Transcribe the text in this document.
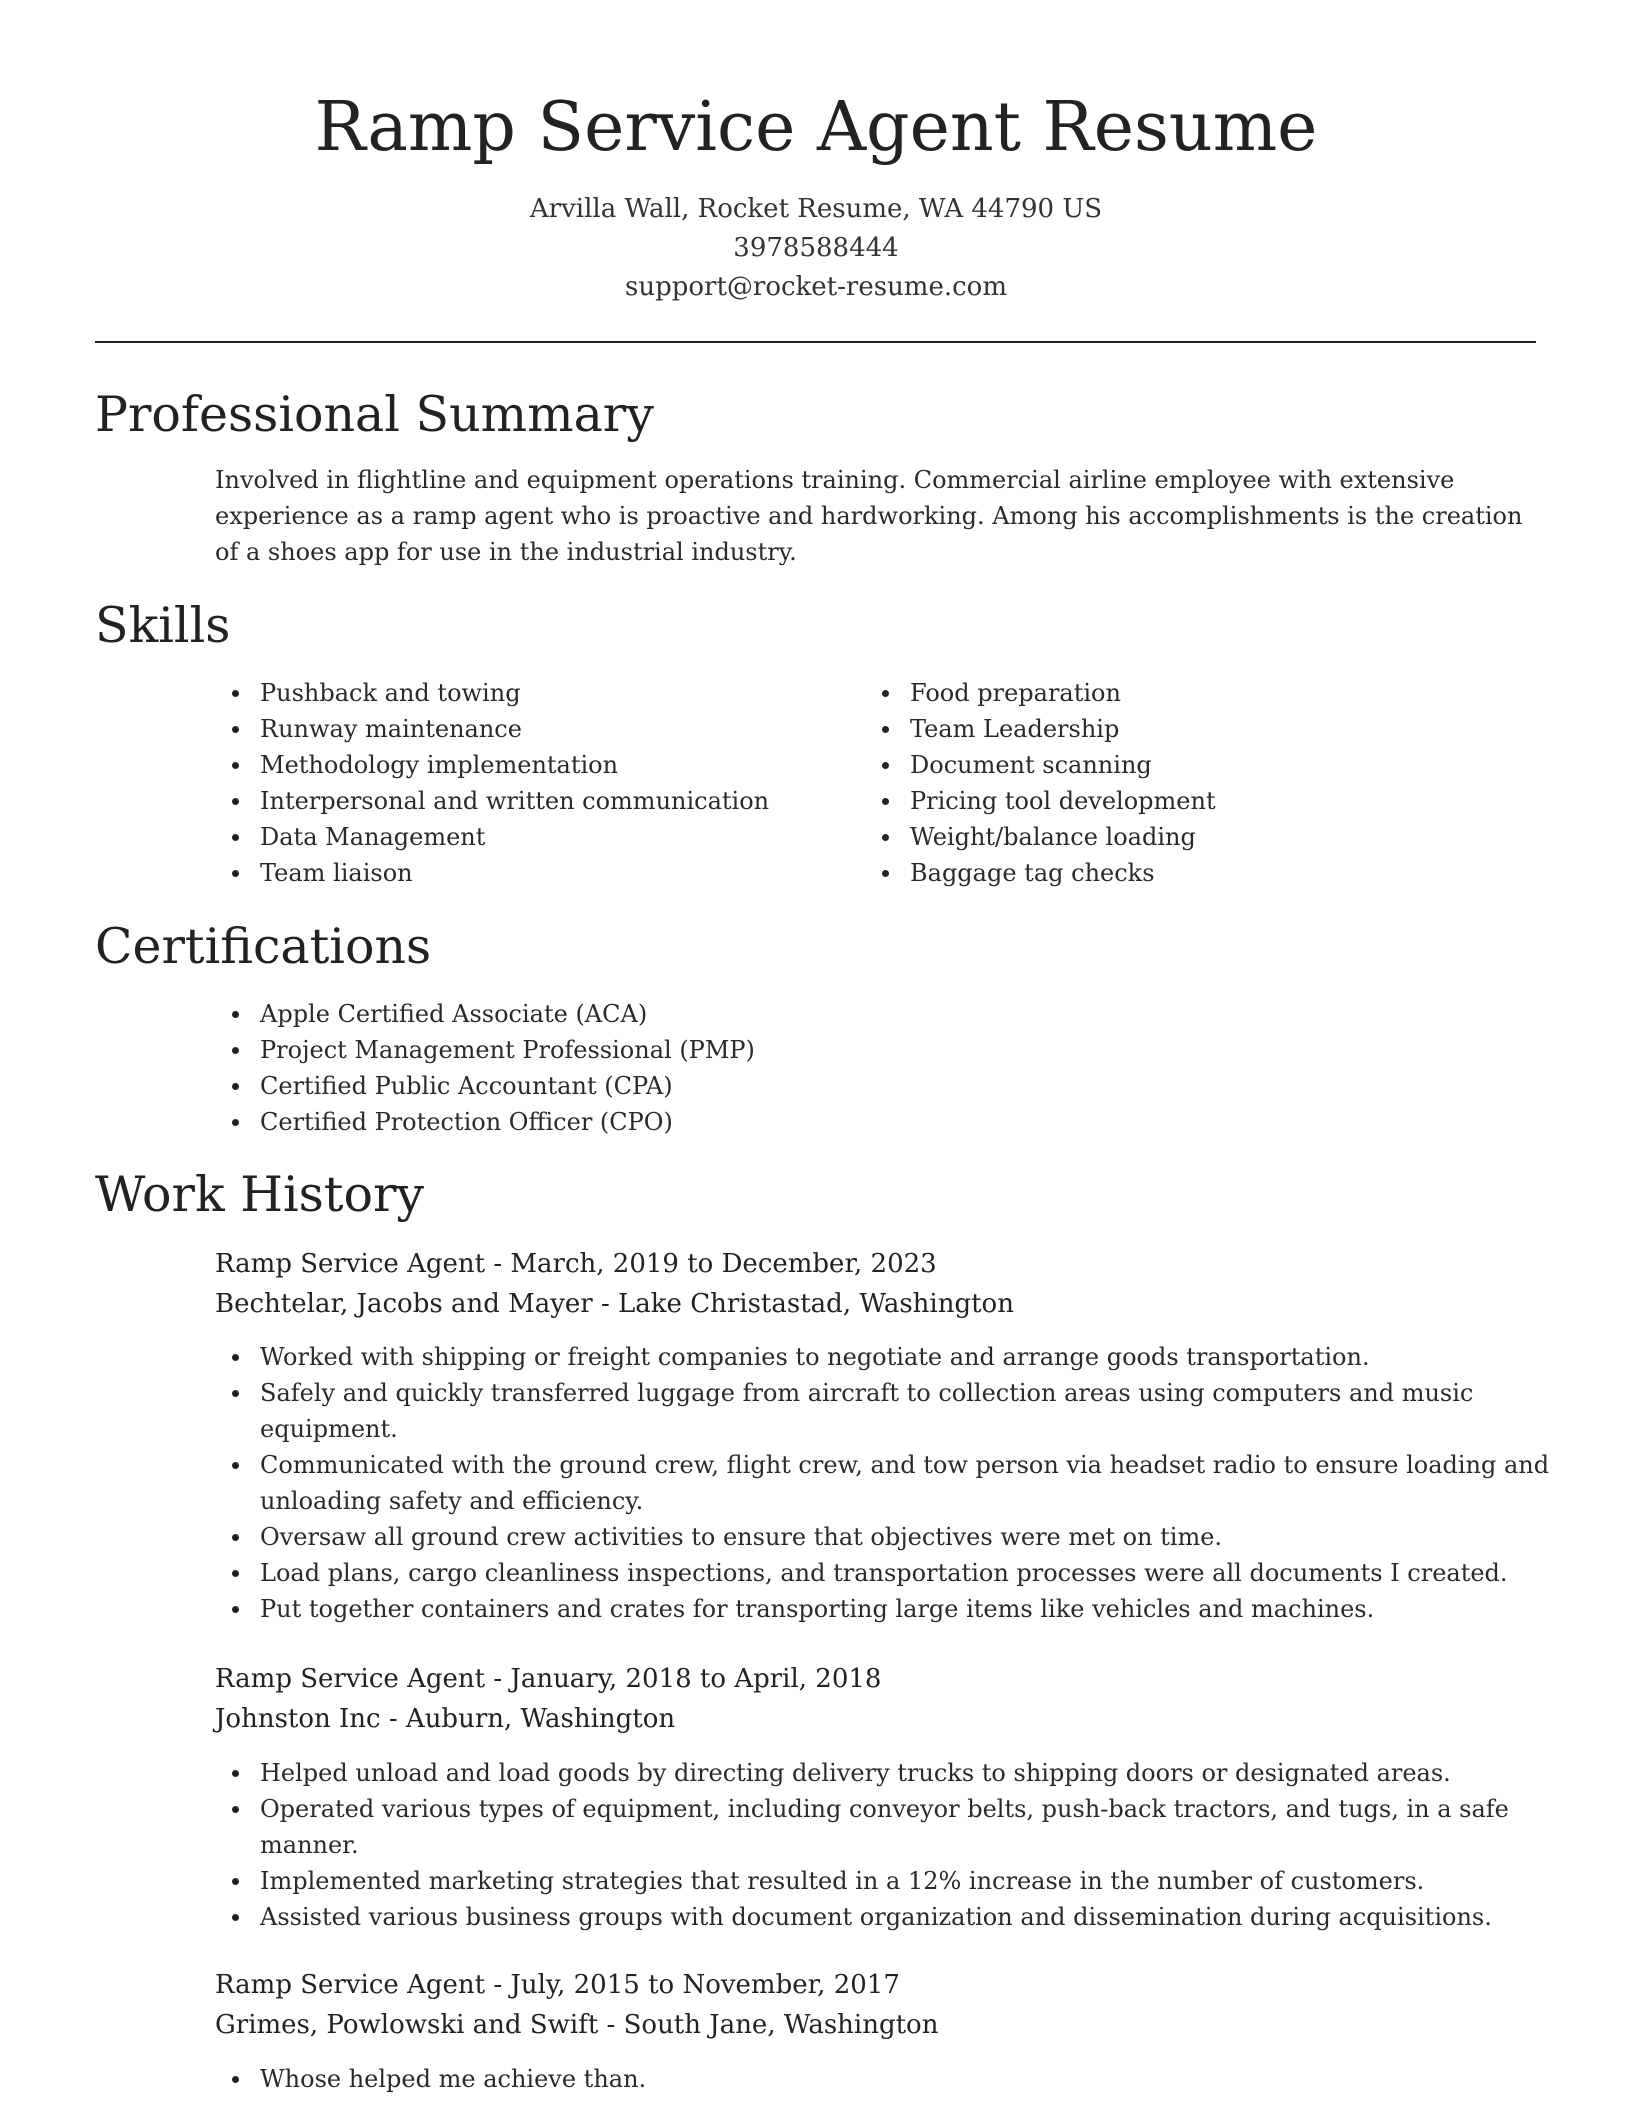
Ramp Service Agent Resume
Arvilla Wall, Rocket Resume, WA 44790 US
3978588444
support@rocket-resume.com
Professional Summary

Involved in flightline and equipment operations training. Commercial airline employee with extensive experience as a ramp agent who is proactive and hardworking. Among his accomplishments is the creation of a shoes app for use in the industrial industry.

Skills
Pushback and towing
Runway maintenance
Methodology implementation
Interpersonal and written communication
Data Management
Team liaison
Food preparation
Team Leadership
Document scanning
Pricing tool development
Weight/balance loading
Baggage tag checks
Certifications
Apple Certified Associate (ACA)
Project Management Professional (PMP)
Certified Public Accountant (CPA)
Certified Protection Officer (CPO)
Work History
Ramp Service Agent - March, 2019 to December, 2023
Bechtelar, Jacobs and Mayer - Lake Christastad, Washington
Worked with shipping or freight companies to negotiate and arrange goods transportation.
Safely and quickly transferred luggage from aircraft to collection areas using computers and music equipment.
Communicated with the ground crew, flight crew, and tow person via headset radio to ensure loading and unloading safety and efficiency.
Oversaw all ground crew activities to ensure that objectives were met on time.
Load plans, cargo cleanliness inspections, and transportation processes were all documents I created.
Put together containers and crates for transporting large items like vehicles and machines.
Ramp Service Agent - January, 2018 to April, 2018
Johnston Inc - Auburn, Washington
Helped unload and load goods by directing delivery trucks to shipping doors or designated areas.
Operated various types of equipment, including conveyor belts, push-back tractors, and tugs, in a safe manner.
Implemented marketing strategies that resulted in a 12% increase in the number of customers.
Assisted various business groups with document organization and dissemination during acquisitions.
Ramp Service Agent - July, 2015 to November, 2017
Grimes, Powlowski and Swift - South Jane, Washington
Whose helped me achieve than.
